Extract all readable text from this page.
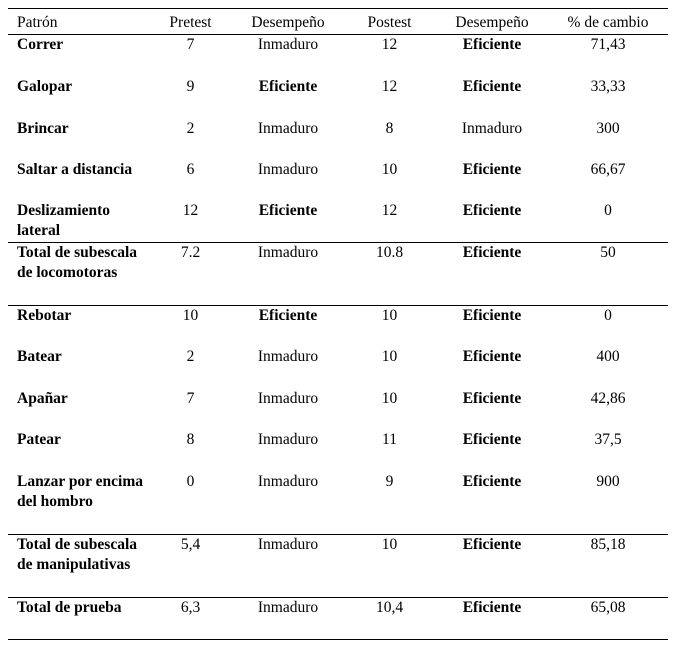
Patrón	Pretest	Desempeño	Postest	Desempeño	% de cambio
Correr	7	Inmaduro	12	Eficiente	71,43
Galopar	9	Eficiente	12	Eficiente	33,33
Brincar	2	Inmaduro	8	Inmaduro	300
Saltar a distancia	6	Inmaduro	10	Eficiente	66,67
Deslizamiento lateral	12	Eficiente	12	Eficiente	0
Total de subescala de locomotoras	7.2	Inmaduro	10.8	Eficiente	50
Rebotar	10	Eficiente	10	Eficiente	0
Batear	2	Inmaduro	10	Eficiente	400
Apañar	7	Inmaduro	10	Eficiente	42,86
Patear	8	Inmaduro	11	Eficiente	37,5
Lanzar por encima del hombro	0	Inmaduro	9	Eficiente	900
Total de subescala de manipulativas	5,4	Inmaduro	10	Eficiente	85,18
Total de prueba	6,3	Inmaduro	10,4	Eficiente	65,08
